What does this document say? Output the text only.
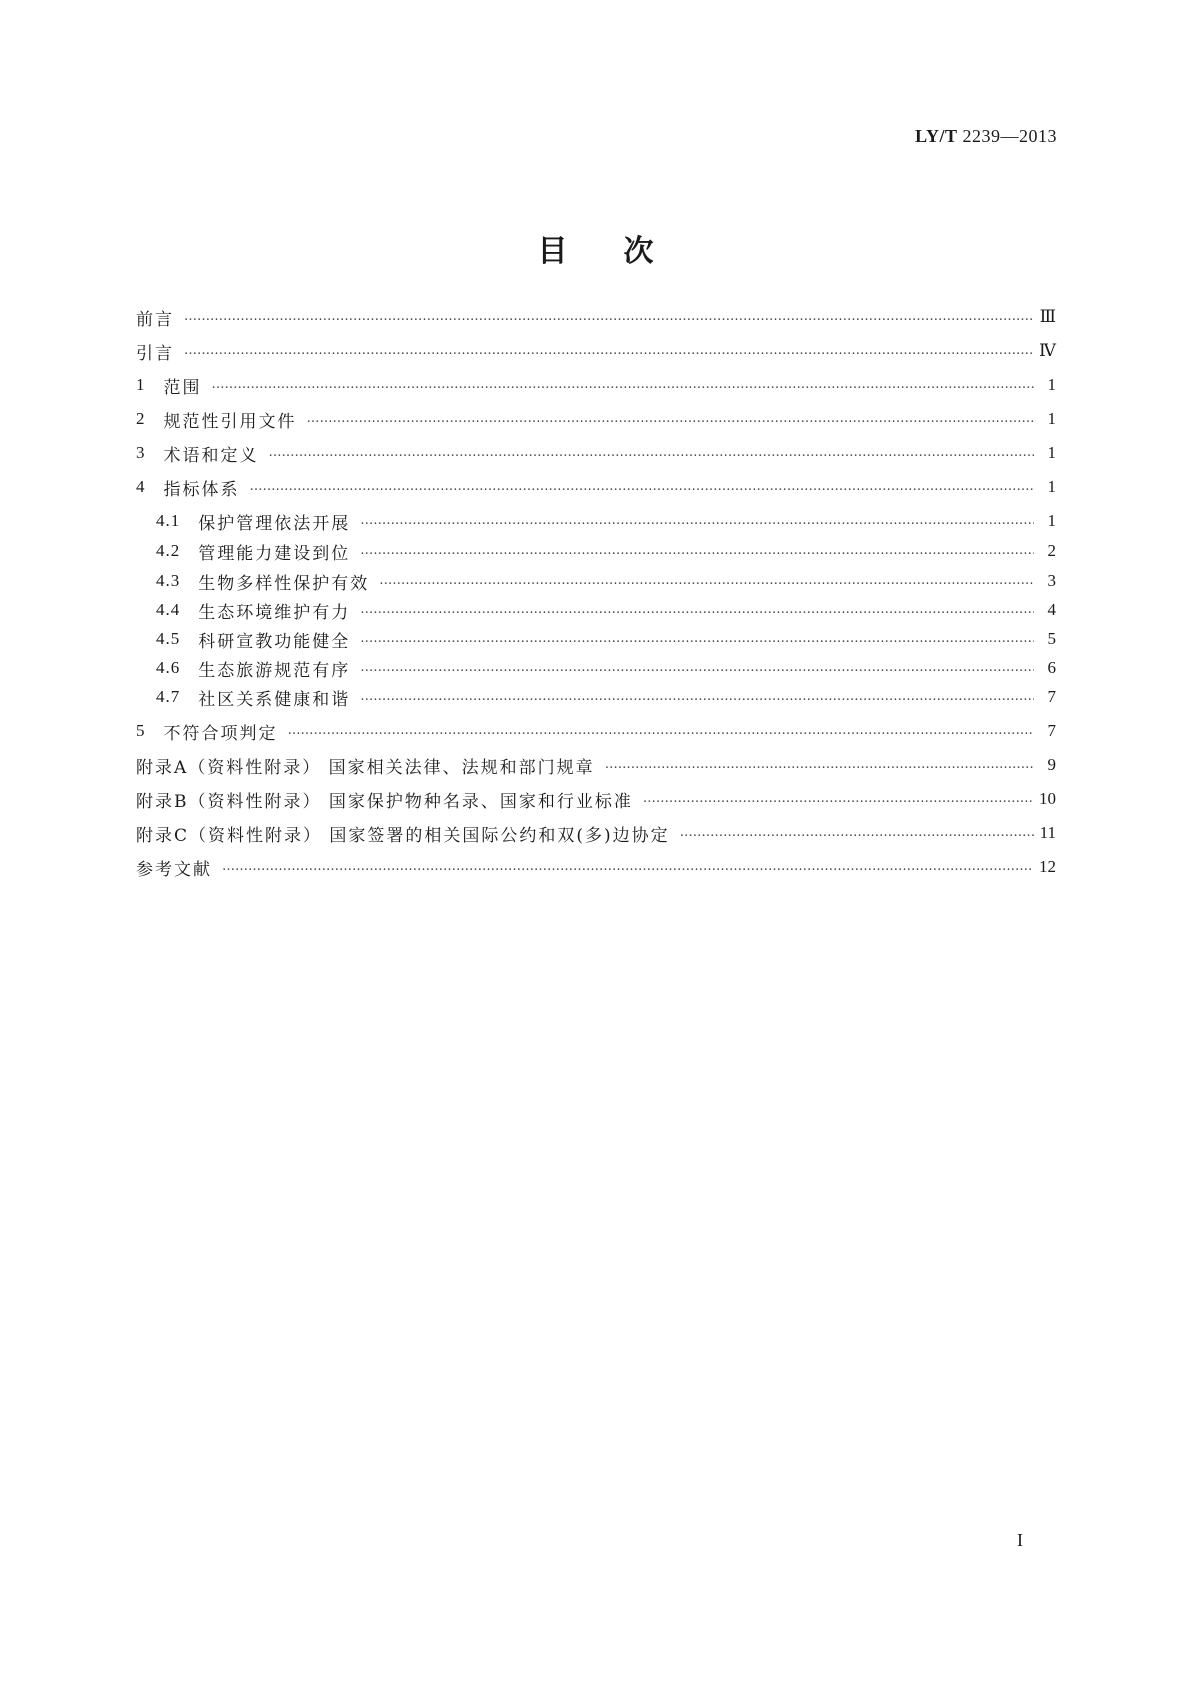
LY/T 2239—2013
目次
前言 ……………………………………………………………………………………………………………………………………………………………………………………………………	Ⅲ
引言 ……………………………………………………………………………………………………………………………………………………………………………………………………	Ⅳ
1 范围 ……………………………………………………………………………………………………………………………………………………………………………………………………	1
2 规范性引用文件 ……………………………………………………………………………………………………………………………………………………………………………………………………	1
3 术语和定义 ……………………………………………………………………………………………………………………………………………………………………………………………………	1
4 指标体系 ……………………………………………………………………………………………………………………………………………………………………………………………………	1
4.1 保护管理依法开展 ……………………………………………………………………………………………………………………………………………………………………………………………………	1
4.2 管理能力建设到位 ……………………………………………………………………………………………………………………………………………………………………………………………………	2
4.3 生物多样性保护有效 ……………………………………………………………………………………………………………………………………………………………………………………………………	3
4.4 生态环境维护有力 ……………………………………………………………………………………………………………………………………………………………………………………………………	4
4.5 科研宣教功能健全 ……………………………………………………………………………………………………………………………………………………………………………………………………	5
4.6 生态旅游规范有序 ……………………………………………………………………………………………………………………………………………………………………………………………………	6
4.7 社区关系健康和谐 ……………………………………………………………………………………………………………………………………………………………………………………………………	7
5 不符合项判定 ……………………………………………………………………………………………………………………………………………………………………………………………………	7
附录A（资料性附录） 国家相关法律、法规和部门规章 ……………………………………………………………………………………………………………………………………………………………………………………………………	9
附录B（资料性附录） 国家保护物种名录、国家和行业标准 ……………………………………………………………………………………………………………………………………………………………………………………………………	10
附录C（资料性附录） 国家签署的相关国际公约和双(多)边协定 ……………………………………………………………………………………………………………………………………………………………………………………………………	11
参考文献 ……………………………………………………………………………………………………………………………………………………………………………………………………	12
I
